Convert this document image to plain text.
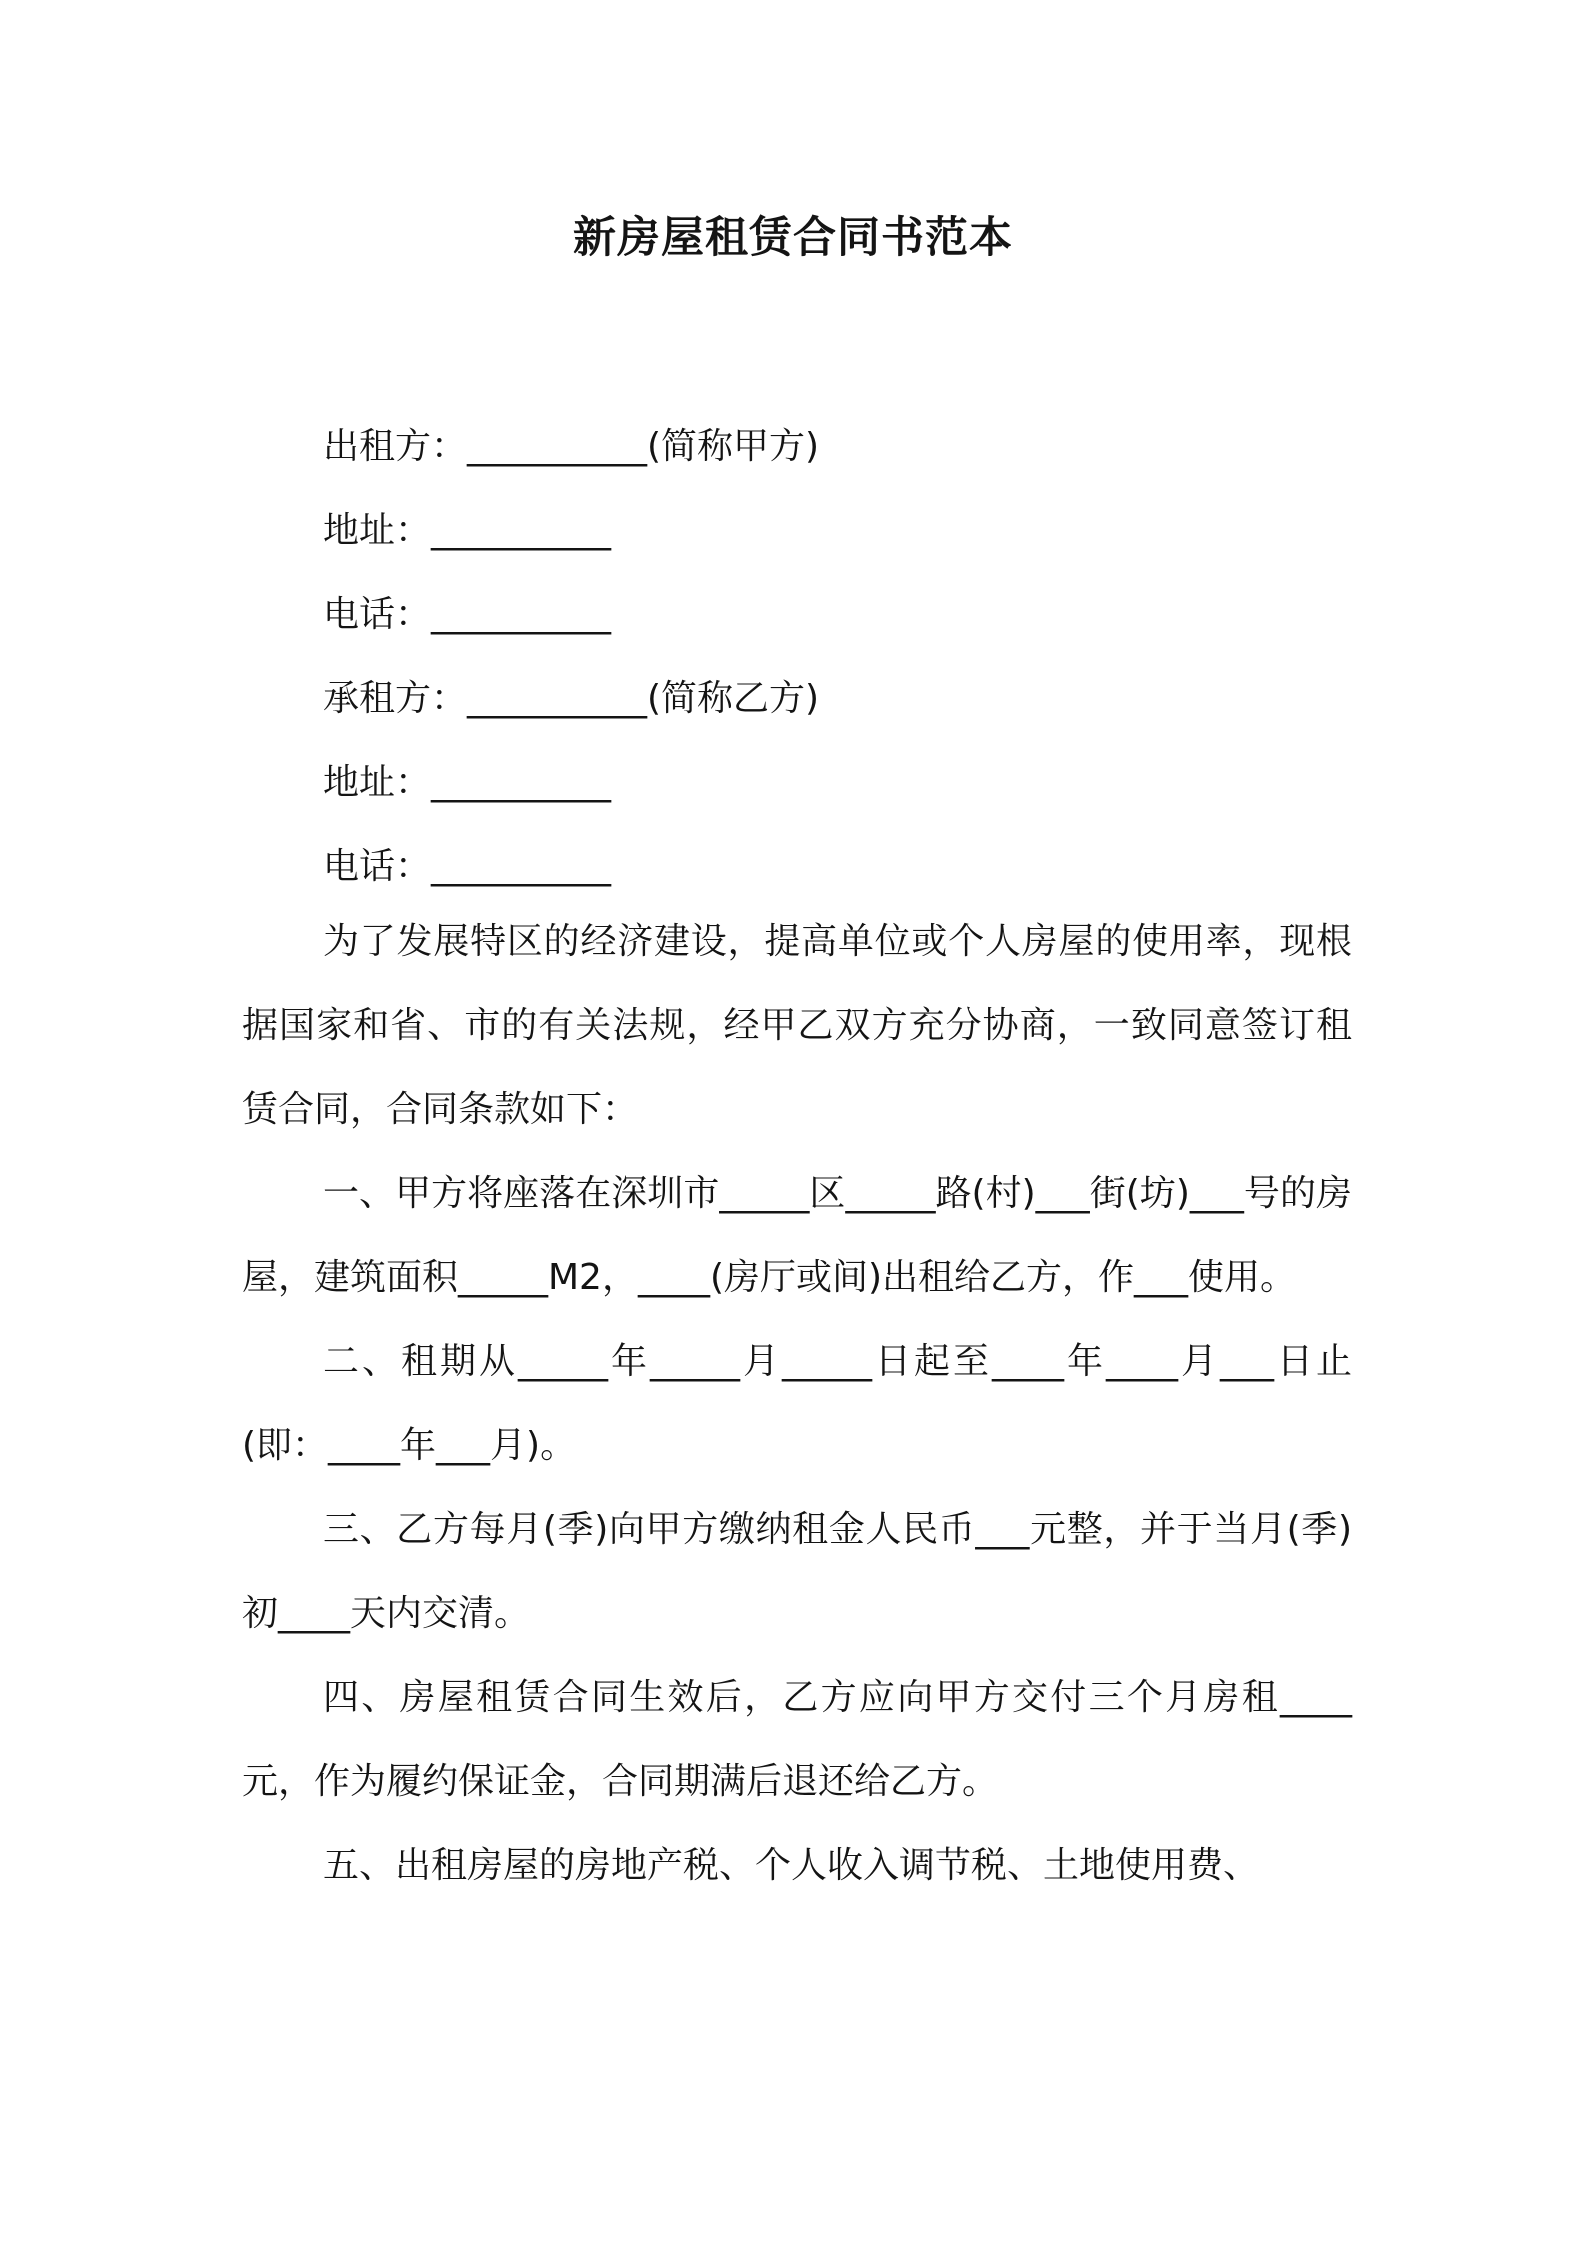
新房屋租赁合同书范本
出租方：__________(简称甲方)
地址：__________
电话：__________
承租方：__________(简称乙方)
地址：__________
电话：__________

为了发展特区的经济建设，提高单位或个人房屋的使用率，现根据国家和省、市的有关法规，经甲乙双方充分协商，一致同意签订租赁合同，合同条款如下：

一、甲方将座落在深圳市_____区_____路(村)___街(坊)___号的房屋，建筑面积_____M2，____(房厅或间)出租给乙方，作___使用。

二、租期从_____年_____月_____日起至____年____月___日止(即：____年___月)。

三、乙方每月(季)向甲方缴纳租金人民币___元整，并于当月(季)初____天内交清。

四、房屋租赁合同生效后，乙方应向甲方交付三个月房租____元，作为履约保证金，合同期满后退还给乙方。

五、出租房屋的房地产税、个人收入调节税、土地使用费、
